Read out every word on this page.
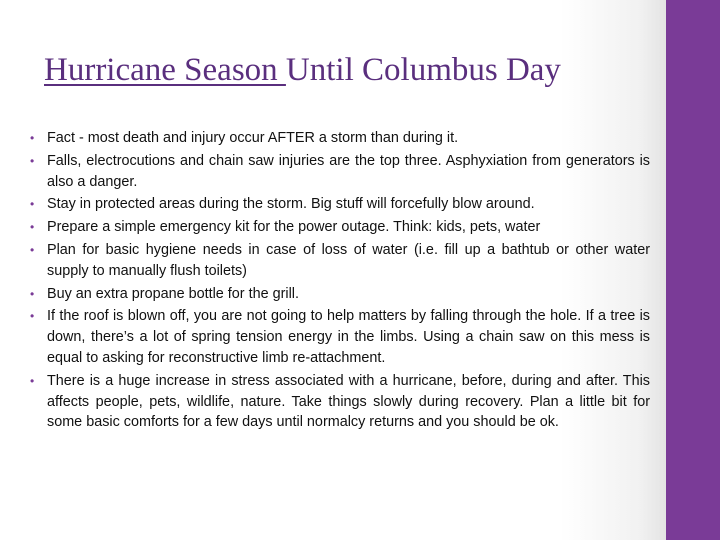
Hurricane Season Until Columbus Day
• Fact - most death and injury occur AFTER a storm than during it.
• Falls, electrocutions and chain saw injuries are the top three. Asphyxiation from generators is also a danger.
• Stay in protected areas during the storm. Big stuff will forcefully blow around.
• Prepare a simple emergency kit for the power outage. Think: kids, pets, water
• Plan for basic hygiene needs in case of loss of water (i.e. fill up a bathtub or other water supply to manually flush toilets)
• Buy an extra propane bottle for the grill.
• If the roof is blown off, you are not going to help matters by falling through the hole. If a tree is down, there’s a lot of spring tension energy in the limbs. Using a chain saw on this mess is equal to asking for reconstructive limb re-attachment.
• There is a huge increase in stress associated with a hurricane, before, during and after. This affects people, pets, wildlife, nature. Take things slowly during recovery. Plan a little bit for some basic comforts for a few days until normalcy returns and you should be ok.
